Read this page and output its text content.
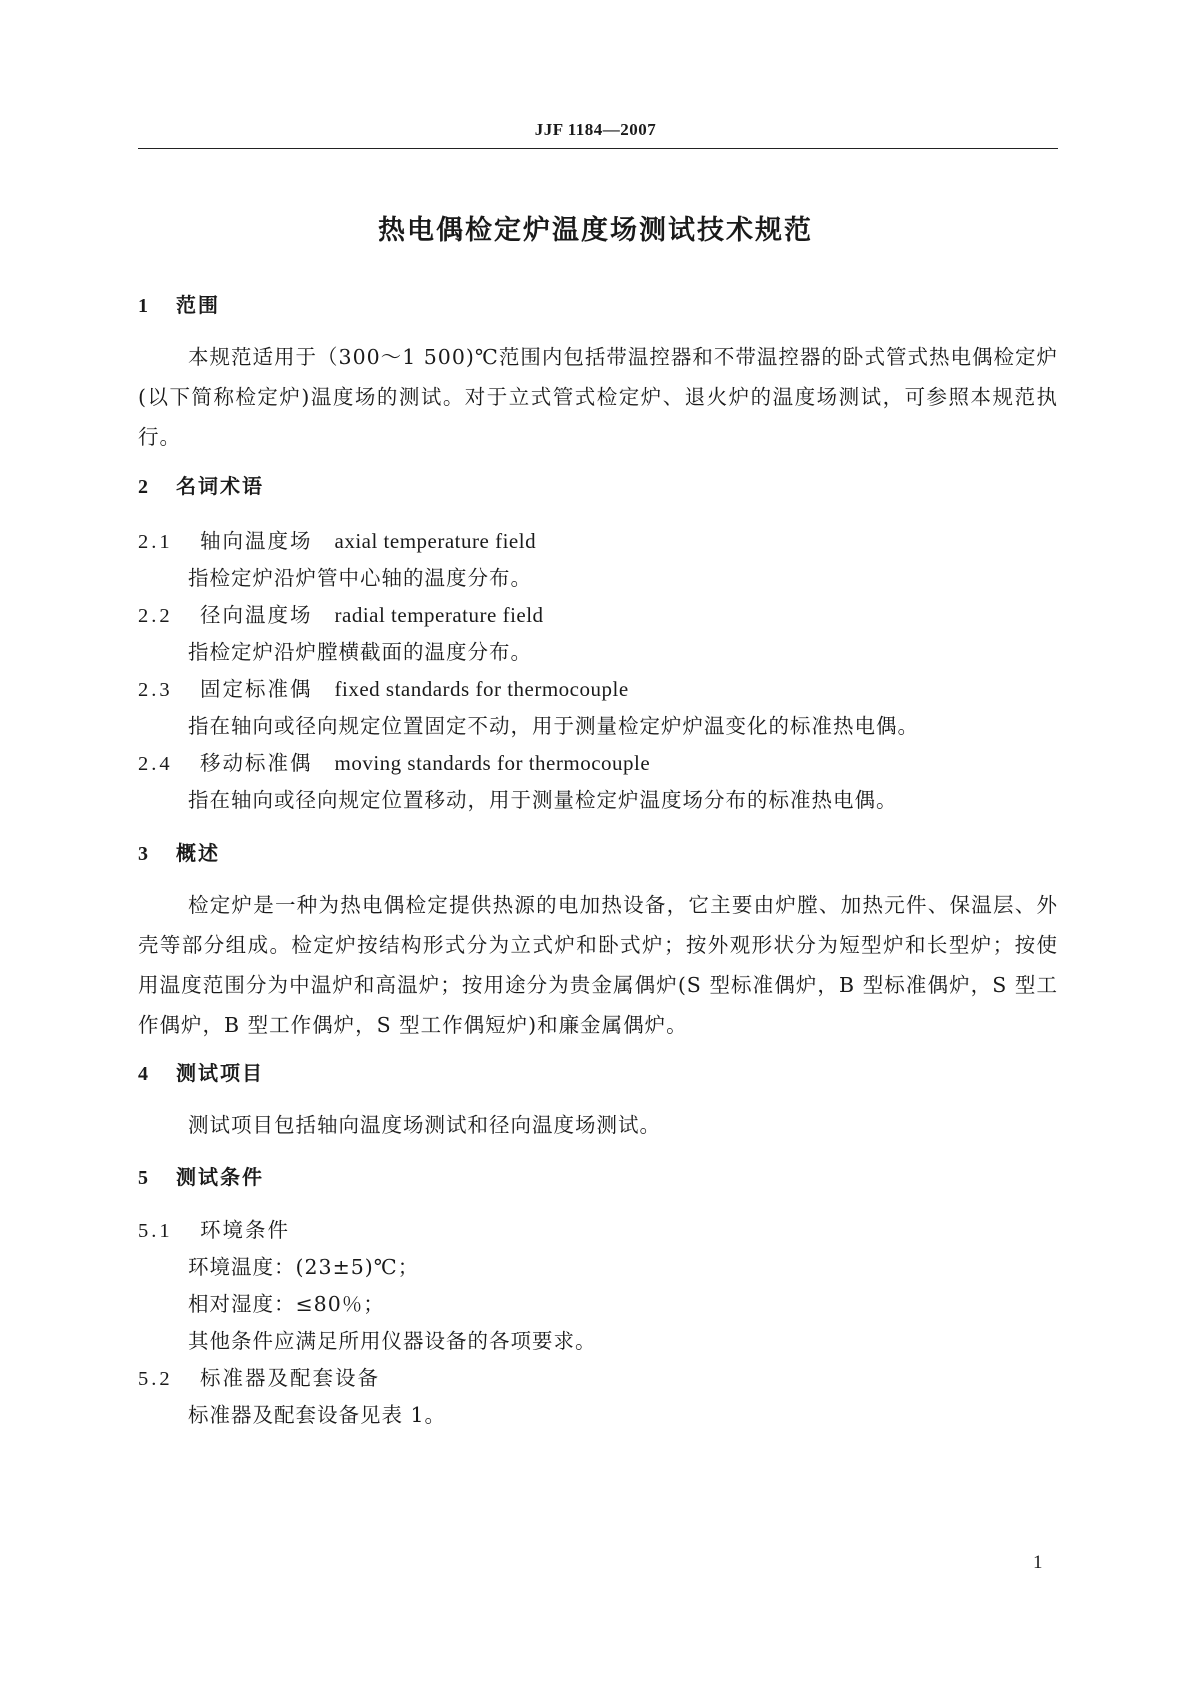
JJF 1184—2007
热电偶检定炉温度场测试技术规范
1 范围
本规范适用于（300～1 500)℃范围内包括带温控器和不带温控器的卧式管式热电偶检定炉(以下简称检定炉)温度场的测试。对于立式管式检定炉、退火炉的温度场测试，可参照本规范执行。
2 名词术语
2.1 轴向温度场 axial temperature field
指检定炉沿炉管中心轴的温度分布。
2.2 径向温度场 radial temperature field
指检定炉沿炉膛横截面的温度分布。
2.3 固定标准偶 fixed standards for thermocouple
指在轴向或径向规定位置固定不动，用于测量检定炉炉温变化的标准热电偶。
2.4 移动标准偶 moving standards for thermocouple
指在轴向或径向规定位置移动，用于测量检定炉温度场分布的标准热电偶。
3 概述
检定炉是一种为热电偶检定提供热源的电加热设备，它主要由炉膛、加热元件、保温层、外壳等部分组成。检定炉按结构形式分为立式炉和卧式炉；按外观形状分为短型炉和长型炉；按使用温度范围分为中温炉和高温炉；按用途分为贵金属偶炉(S 型标准偶炉，B 型标准偶炉，S 型工作偶炉，B 型工作偶炉，S 型工作偶短炉)和廉金属偶炉。
4 测试项目
测试项目包括轴向温度场测试和径向温度场测试。
5 测试条件
5.1 环境条件
环境温度：(23±5)℃；
相对湿度：≤80％；
其他条件应满足所用仪器设备的各项要求。
5.2 标准器及配套设备
标准器及配套设备见表 1。
1
